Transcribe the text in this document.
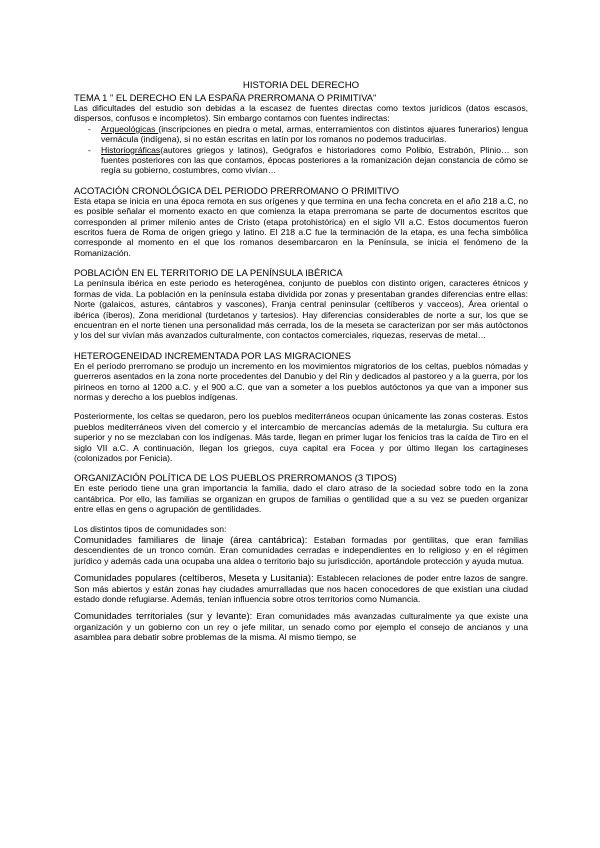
HISTORIA DEL DERECHO

TEMA 1 " EL DERECHO EN LA ESPAÑA PRERROMANA O PRIMITIVA"

Las dificultades del estudio son debidas a la escasez de fuentes directas como textos jurídicos (datos escasos, dispersos, confusos e incompletos). Sin embargo contamos con fuentes indirectas:

- Arqueológicas (inscripciones en piedra o metal, armas, enterramientos con distintos ajuares funerarios) lengua vernácula (indígena), si no están escritas en latín por los romanos no podemos traducirlas.
- Historiográficas(autores griegos y latinos), Geógrafos e historiadores como Polibio, Estrabón, Plinio… son fuentes posteriores con las que contamos, épocas posteriores a la romanización dejan constancia de cómo se regía su gobierno, costumbres, como vivían…

ACOTACIÓN CRONOLÓGICA DEL PERIODO PRERROMANO O PRIMITIVO

Esta etapa se inicia en una época remota en sus orígenes y que termina en una fecha concreta en el año 218 a.C, no es posible señalar el momento exacto en que comienza la etapa prerromana se parte de documentos escritos que corresponden al primer milenio antes de Cristo (etapa protohistórica) en el siglo VII a.C. Estos documentos fueron escritos fuera de Roma de origen griego y latino. El 218 a.C fue la terminación de la etapa, es una fecha simbólica corresponde al momento en el que los romanos desembarcaron en la Península, se inicia el fenómeno de la Romanización.

POBLACIÓN EN EL TERRITORIO DE LA PENÍNSULA IBÉRICA

La península ibérica en este periodo es heterogénea, conjunto de pueblos con distinto origen, caracteres étnicos y formas de vida. La población en la península estaba dividida por zonas y presentaban grandes diferencias entre ellas: Norte (galaicos, astures, cántabros y vascones), Franja central peninsular (celtíberos y vacceos), Área oriental o ibérica (íberos), Zona meridional (turdetanos y tartesios). Hay diferencias considerables de norte a sur, los que se encuentran en el norte tienen una personalidad más cerrada, los de la meseta se caracterizan por ser más autóctonos y los del sur vivían más avanzados culturalmente, con contactos comerciales, riquezas, reservas de metal…

HETEROGENEIDAD INCREMENTADA POR LAS MIGRACIONES

En el período prerromano se produjo un incremento en los movimientos migratorios de los celtas, pueblos nómadas y guerreros asentados en la zona norte procedentes del Danubio y del Rin y dedicados al pastoreo y a la guerra, por los pirineos en torno al 1200 a.C. y el 900 a.C. que van a someter a los pueblos autóctonos ya que van a imponer sus normas y derecho a los pueblos indígenas.

Posteriormente, los celtas se quedaron, pero los pueblos mediterráneos ocupan únicamente las zonas costeras. Estos pueblos mediterráneos viven del comercio y el intercambio de mercancías además de la metalurgia. Su cultura era superior y no se mezclaban con los indígenas. Más tarde, llegan en primer lugar los fenicios tras la caída de Tiro en el siglo VII a.C. A continuación, llegan los griegos, cuya capital era Focea y por último llegan los cartagineses (colonizados por Fenicia).

ORGANIZACIÓN POLÍTICA DE LOS PUEBLOS PRERROMANOS (3 TIPOS)

En este periodo tiene una gran importancia la familia, dado el claro atraso de la sociedad sobre todo en la zona cantábrica. Por ello, las familias se organizan en grupos de familias o gentilidad que a su vez se pueden organizar entre ellas en gens o agrupación de gentilidades.

Los distintos tipos de comunidades son:

Comunidades familiares de linaje (área cantábrica): Estaban formadas por gentilitas, que eran familias descendientes de un tronco común. Eran comunidades cerradas e independientes en lo religioso y en el régimen jurídico y además cada una ocupaba una aldea o territorio bajo su jurisdicción, aportándole protección y ayuda mutua.

Comunidades populares (celtíberos, Meseta y Lusitania): Establecen relaciones de poder entre lazos de sangre. Son más abiertos y están zonas hay ciudades amurralladas que nos hacen conocedores de que existían una ciudad estado donde refugiarse. Además, tenían influencia sobre otros territorios como Numancia.

Comunidades territoriales (sur y levante): Eran comunidades más avanzadas culturalmente ya que existe una organización y un gobierno con un rey o jefe militar, un senado como por ejemplo el consejo de ancianos y una asamblea para debatir sobre problemas de la misma. Al mismo tiempo, se
